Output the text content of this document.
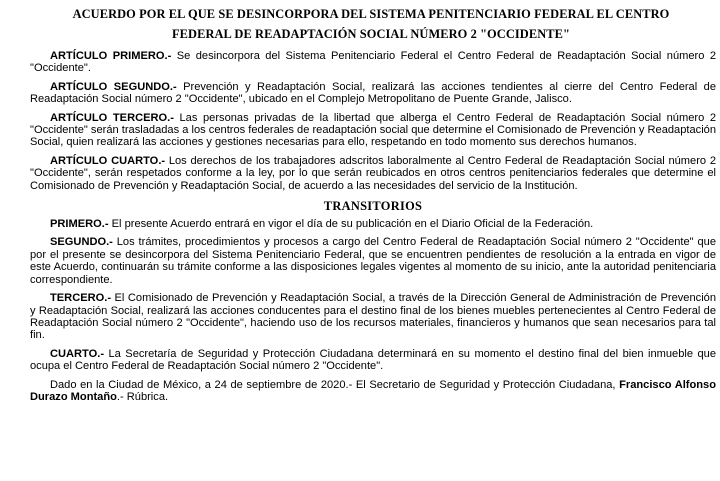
ACUERDO POR EL QUE SE DESINCORPORA DEL SISTEMA PENITENCIARIO FEDERAL EL CENTRO
FEDERAL DE READAPTACIÓN SOCIAL NÚMERO 2 "OCCIDENTE"

ARTÍCULO PRIMERO.- Se desincorpora del Sistema Penitenciario Federal el Centro Federal de Readaptación Social número 2 "Occidente".

ARTÍCULO SEGUNDO.- Prevención y Readaptación Social, realizará las acciones tendientes al cierre del Centro Federal de Readaptación Social número 2 "Occidente", ubicado en el Complejo Metropolitano de Puente Grande, Jalisco.

ARTÍCULO TERCERO.- Las personas privadas de la libertad que alberga el Centro Federal de Readaptación Social número 2 "Occidente" serán trasladadas a los centros federales de readaptación social que determine el Comisionado de Prevención y Readaptación Social, quien realizará las acciones y gestiones necesarias para ello, respetando en todo momento sus derechos humanos.

ARTÍCULO CUARTO.- Los derechos de los trabajadores adscritos laboralmente al Centro Federal de Readaptación Social número 2 "Occidente", serán respetados conforme a la ley, por lo que serán reubicados en otros centros penitenciarios federales que determine el Comisionado de Prevención y Readaptación Social, de acuerdo a las necesidades del servicio de la Institución.

TRANSITORIOS

PRIMERO.- El presente Acuerdo entrará en vigor el día de su publicación en el Diario Oficial de la Federación.

SEGUNDO.- Los trámites, procedimientos y procesos a cargo del Centro Federal de Readaptación Social número 2 "Occidente" que por el presente se desincorpora del Sistema Penitenciario Federal, que se encuentren pendientes de resolución a la entrada en vigor de este Acuerdo, continuarán su trámite conforme a las disposiciones legales vigentes al momento de su inicio, ante la autoridad penitenciaria correspondiente.

TERCERO.- El Comisionado de Prevención y Readaptación Social, a través de la Dirección General de Administración de Prevención y Readaptación Social, realizará las acciones conducentes para el destino final de los bienes muebles pertenecientes al Centro Federal de Readaptación Social número 2 "Occidente", haciendo uso de los recursos materiales, financieros y humanos que sean necesarios para tal fin.

CUARTO.- La Secretaría de Seguridad y Protección Ciudadana determinará en su momento el destino final del bien inmueble que ocupa el Centro Federal de Readaptación Social número 2 "Occidente".

Dado en la Ciudad de México, a 24 de septiembre de 2020.- El Secretario de Seguridad y Protección Ciudadana, Francisco Alfonso Durazo Montaño.- Rúbrica.
